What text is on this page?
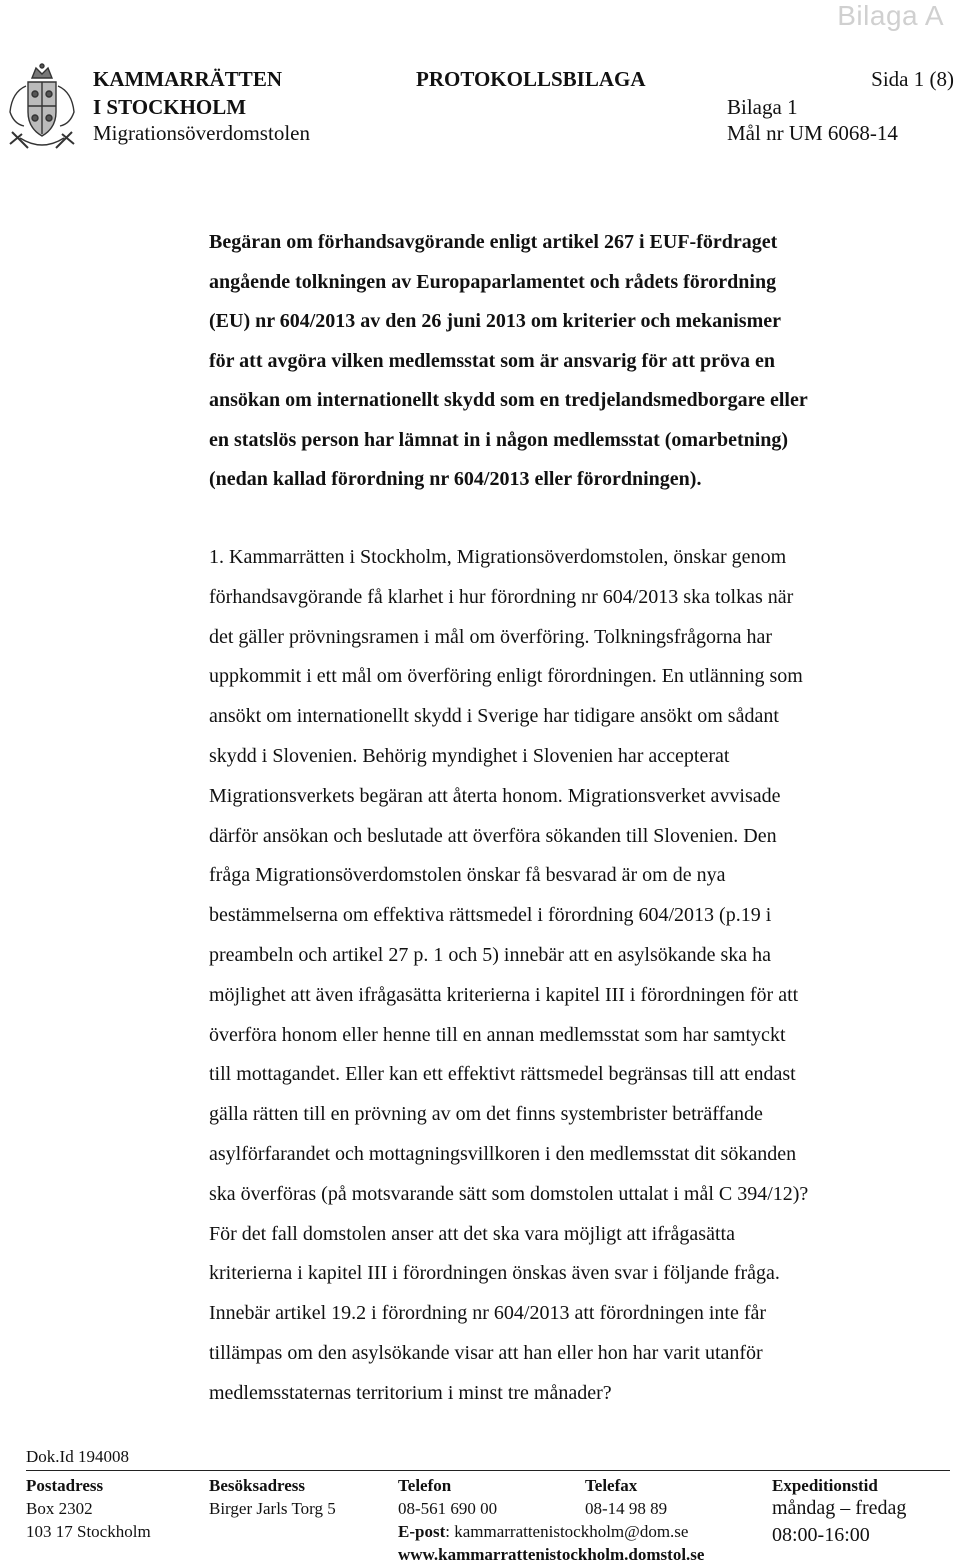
Bilaga A
KAMMARRÄTTEN
I STOCKHOLM
Migrationsöverdomstolen
PROTOKOLLSBILAGA
Bilaga 1
Mål nr UM 6068-14
Sida 1 (8)
Begäran om förhandsavgörande enligt artikel 267 i EUF-fördraget
angående tolkningen av Europaparlamentet och rådets förordning
(EU) nr 604/2013 av den 26 juni 2013 om kriterier och mekanismer
för att avgöra vilken medlemsstat som är ansvarig för att pröva en
ansökan om internationellt skydd som en tredjelandsmedborgare eller
en statslös person har lämnat in i någon medlemsstat (omarbetning)
(nedan kallad förordning nr 604/2013 eller förordningen).
1. Kammarrätten i Stockholm, Migrationsöverdomstolen, önskar genom
förhandsavgörande få klarhet i hur förordning nr 604/2013 ska tolkas när
det gäller prövningsramen i mål om överföring. Tolkningsfrågorna har
uppkommit i ett mål om överföring enligt förordningen. En utlänning som
ansökt om internationellt skydd i Sverige har tidigare ansökt om sådant
skydd i Slovenien. Behörig myndighet i Slovenien har accepterat
Migrationsverkets begäran att återta honom. Migrationsverket avvisade
därför ansökan och beslutade att överföra sökanden till Slovenien. Den
fråga Migrationsöverdomstolen önskar få besvarad är om de nya
bestämmelserna om effektiva rättsmedel i förordning 604/2013 (p.19 i
preambeln och artikel 27 p. 1 och 5) innebär att en asylsökande ska ha
möjlighet att även ifrågasätta kriterierna i kapitel III i förordningen för att
överföra honom eller henne till en annan medlemsstat som har samtyckt
till mottagandet. Eller kan ett effektivt rättsmedel begränsas till att endast
gälla rätten till en prövning av om det finns systembrister beträffande
asylförfarandet och mottagningsvillkoren i den medlemsstat dit sökanden
ska överföras (på motsvarande sätt som domstolen uttalat i mål C 394/12)?
För det fall domstolen anser att det ska vara möjligt att ifrågasätta
kriterierna i kapitel III i förordningen önskas även svar i följande fråga.
Innebär artikel 19.2 i förordning nr 604/2013 att förordningen inte får
tillämpas om den asylsökande visar att han eller hon har varit utanför
medlemsstaternas territorium i minst tre månader?
Dok.Id 194008
Postadress
Box 2302
103 17 Stockholm
Besöksadress
Birger Jarls Torg 5
Telefon
08-561 690 00
E-post: kammarrattenistockholm@dom.se
www.kammarrattenistockholm.domstol.se
Telefax
08-14 98 89
Expeditionstid
måndag – fredag
08:00-16:00
